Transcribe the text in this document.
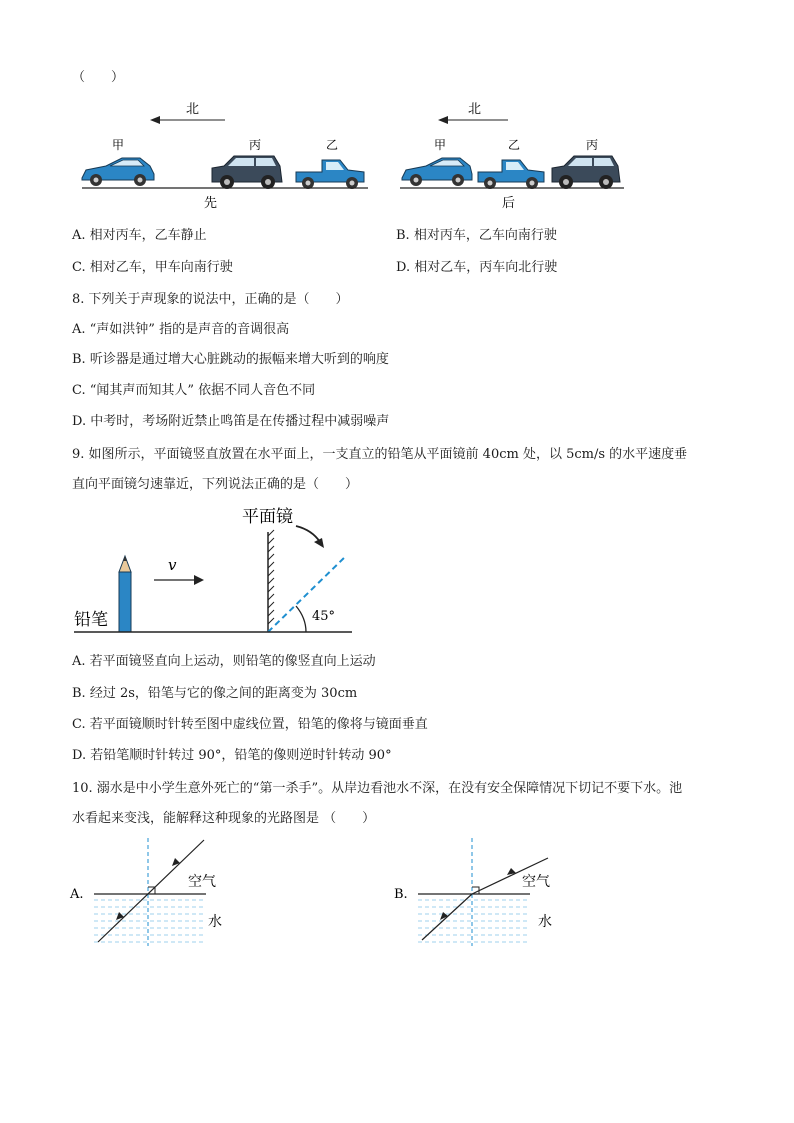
（　　）
北
甲	丙	乙
先
北
甲	乙	丙
后
A. 相对丙车，乙车静止	B. 相对丙车，乙车向南行驶
C. 相对乙车，甲车向南行驶	D. 相对乙车，丙车向北行驶
8. 下列关于声现象的说法中，正确的是（　　）
A. “声如洪钟” 指的是声音的音调很高
B. 听诊器是通过增大心脏跳动的振幅来增大听到的响度
C. “闻其声而知其人” 依据不同人音色不同
D. 中考时，考场附近禁止鸣笛是在传播过程中减弱噪声
9. 如图所示，平面镜竖直放置在水平面上，一支直立的铅笔从平面镜前 40cm 处，以 5cm/s 的水平速度垂
直向平面镜匀速靠近，下列说法正确的是（　　）
平面镜
铅笔
v
45°
A. 若平面镜竖直向上运动，则铅笔的像竖直向上运动
B. 经过 2s，铅笔与它的像之间的距离变为 30cm
C. 若平面镜顺时针转至图中虚线位置，铅笔的像将与镜面垂直
D. 若铅笔顺时针转过 90°，铅笔的像则逆时针转动 90°
10. 溺水是中小学生意外死亡的“第一杀手”。从岸边看池水不深，在没有安全保障情况下切记不要下水。池
水看起来变浅，能解释这种现象的光路图是 （　　）
A.
空气
水
B.
空气
水
